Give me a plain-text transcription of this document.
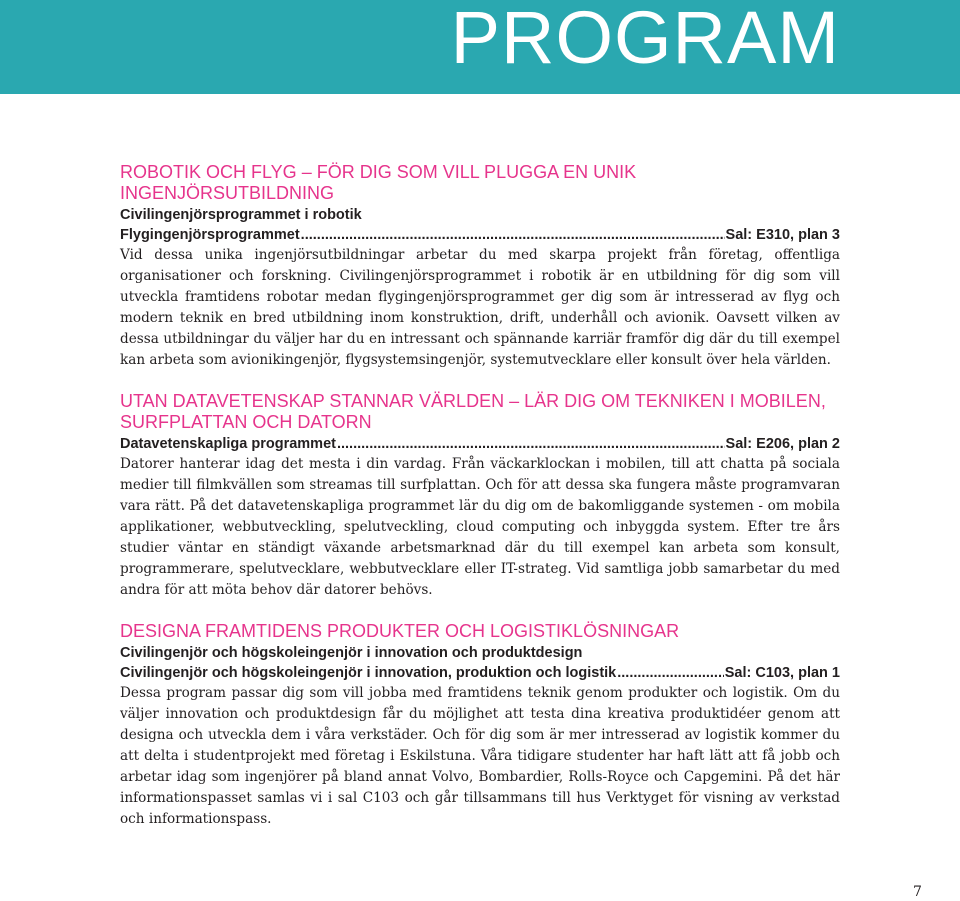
PROGRAM
ROBOTIK OCH FLYG – FÖR DIG SOM VILL PLUGGA EN UNIK INGENJÖRSUTBILDNING
Civilingenjörsprogrammet i robotik
Flygingenjörsprogrammet .....	Sal: E310, plan 3

Vid dessa unika ingenjörsutbildningar arbetar du med skarpa projekt från företag, offentliga organisationer och forskning. Civilingenjörsprogrammet i robotik är en utbildning för dig som vill utveckla framtidens robotar medan flygingenjörsprogrammet ger dig som är intresserad av flyg och modern teknik en bred utbildning inom konstruktion, drift, underhåll och avionik. Oavsett vilken av dessa utbildningar du väljer har du en intressant och spännande karriär framför dig där du till exempel kan arbeta som avionikingenjör, flygsystemsingenjör, systemutvecklare eller konsult över hela världen.

UTAN DATAVETENSKAP STANNAR VÄRLDEN – LÄR DIG OM TEKNIKEN I MOBILEN, SURFPLATTAN OCH DATORN
Datavetenskapliga programmet .....	Sal: E206, plan 2

Datorer hanterar idag det mesta i din vardag. Från väckarklockan i mobilen, till att chatta på sociala medier till filmkvällen som streamas till surfplattan. Och för att dessa ska fungera måste programvaran vara rätt. På det datavetenskapliga programmet lär du dig om de bakomliggande systemen - om mobila applikationer, webbutveckling, spelutveckling, cloud computing och inbyggda system. Efter tre års studier väntar en ständigt växande arbetsmarknad där du till exempel kan arbeta som konsult, programmerare, spelutvecklare, webbutvecklare eller IT-strateg. Vid samtliga jobb samarbetar du med andra för att möta behov där datorer behövs.

DESIGNA FRAMTIDENS PRODUKTER OCH LOGISTIKLÖSNINGAR
Civilingenjör och högskoleingenjör i innovation och produktdesign
Civilingenjör och högskoleingenjör i innovation, produktion och logistik .....	Sal: C103, plan 1

Dessa program passar dig som vill jobba med framtidens teknik genom produkter och logistik. Om du väljer innovation och produktdesign får du möjlighet att testa dina kreativa produktidéer genom att designa och utveckla dem i våra verkstäder. Och för dig som är mer intresserad av logistik kommer du att delta i studentprojekt med företag i Eskilstuna. Våra tidigare studenter har haft lätt att få jobb och arbetar idag som ingenjörer på bland annat Volvo, Bombardier, Rolls-Royce och Capgemini. På det här informationspasset samlas vi i sal C103 och går tillsammans till hus Verktyget för visning av verkstad och informationspass.

7
